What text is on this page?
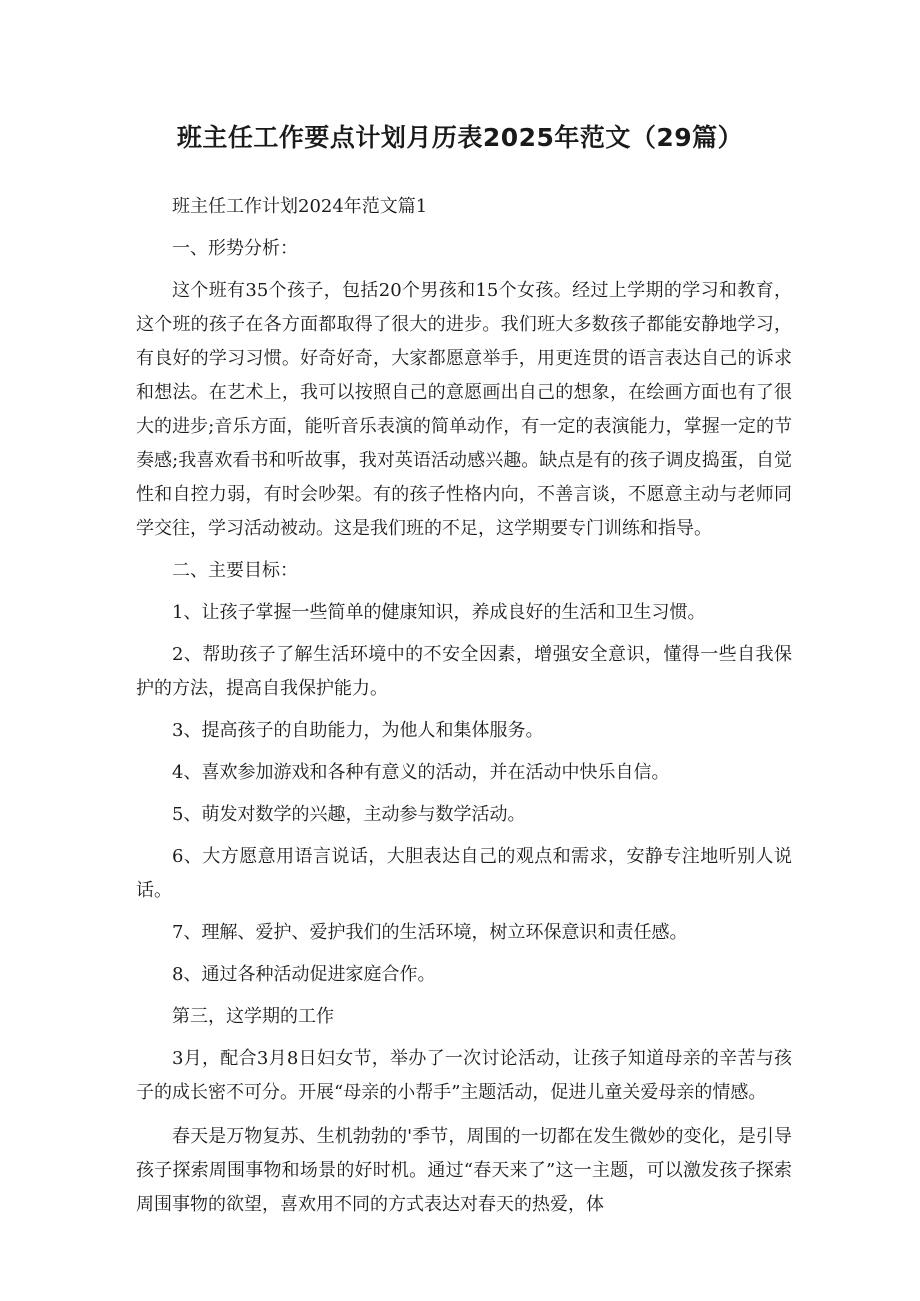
班主任工作要点计划月历表2025年范文（29篇）

班主任工作计划2024年范文篇1

一、形势分析：

这个班有35个孩子，包括20个男孩和15个女孩。经过上学期的学习和教育，这个班的孩子在各方面都取得了很大的进步。我们班大多数孩子都能安静地学习，有良好的学习习惯。好奇好奇，大家都愿意举手，用更连贯的语言表达自己的诉求和想法。在艺术上，我可以按照自己的意愿画出自己的想象，在绘画方面也有了很大的进步;音乐方面，能听音乐表演的简单动作，有一定的表演能力，掌握一定的节奏感;我喜欢看书和听故事，我对英语活动感兴趣。缺点是有的孩子调皮捣蛋，自觉性和自控力弱，有时会吵架。有的孩子性格内向，不善言谈，不愿意主动与老师同学交往，学习活动被动。这是我们班的不足，这学期要专门训练和指导。

二、主要目标：

1、让孩子掌握一些简单的健康知识，养成良好的生活和卫生习惯。

2、帮助孩子了解生活环境中的不安全因素，增强安全意识，懂得一些自我保护的方法，提高自我保护能力。

3、提高孩子的自助能力，为他人和集体服务。

4、喜欢参加游戏和各种有意义的活动，并在活动中快乐自信。

5、萌发对数学的兴趣，主动参与数学活动。

6、大方愿意用语言说话，大胆表达自己的观点和需求，安静专注地听别人说话。

7、理解、爱护、爱护我们的生活环境，树立环保意识和责任感。

8、通过各种活动促进家庭合作。

第三，这学期的工作

3月，配合3月8日妇女节，举办了一次讨论活动，让孩子知道母亲的辛苦与孩子的成长密不可分。开展“母亲的小帮手”主题活动，促进儿童关爱母亲的情感。

春天是万物复苏、生机勃勃的'季节，周围的一切都在发生微妙的变化，是引导孩子探索周围事物和场景的好时机。通过“春天来了”这一主题，可以激发孩子探索周围事物的欲望，喜欢用不同的方式表达对春天的热爱，体
